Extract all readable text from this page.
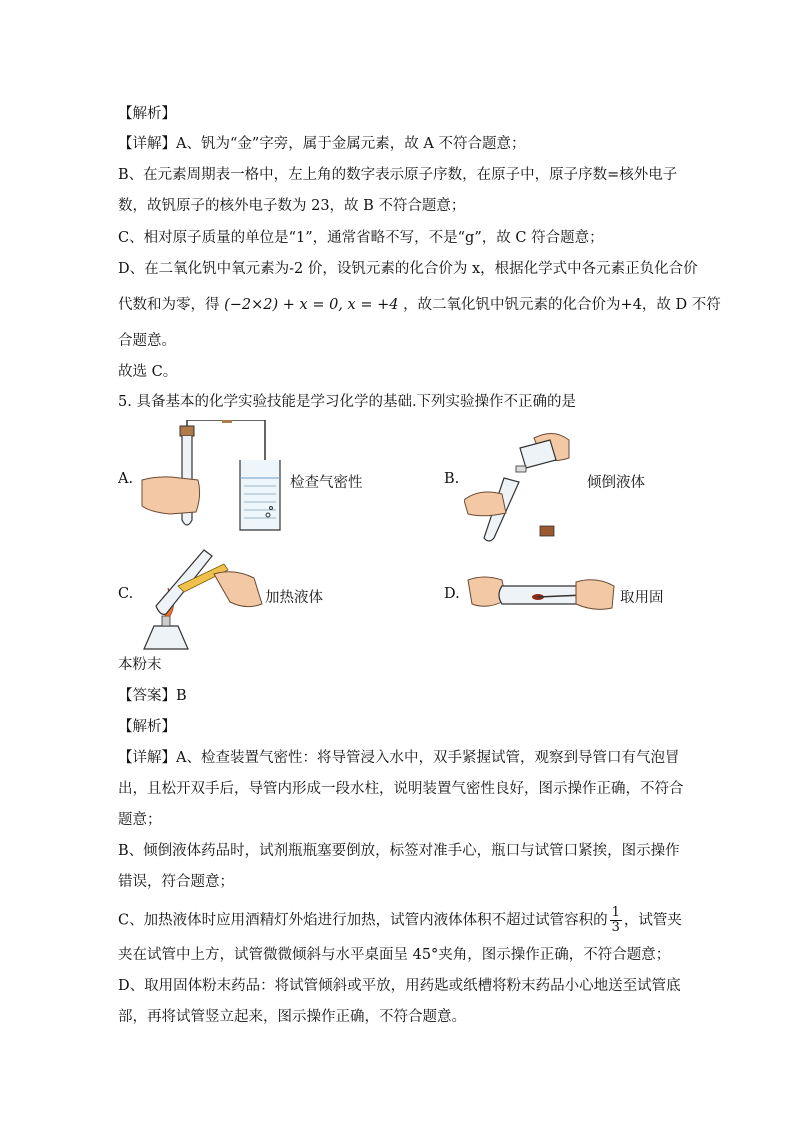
【解析】
【详解】A、钒为“金”字旁，属于金属元素，故 A 不符合题意；
B、在元素周期表一格中，左上角的数字表示原子序数，在原子中，原子序数=核外电子
数，故钒原子的核外电子数为 23，故 B 不符合题意；
C、相对原子质量的单位是“1”，通常省略不写，不是“g”，故 C 符合题意；
D、在二氧化钒中氧元素为-2 价，设钒元素的化合价为 x，根据化学式中各元素正负化合价
代数和为零，得 (−2×2) + x = 0, x = +4 ，故二氧化钒中钒元素的化合价为+4，故 D 不符
合题意。
故选 C。
5. 具备基本的化学实验技能是学习化学的基础.下列实验操作不正确的是
A.	检查气密性	B.	倾倒液体
C.	加热液体	D.	取用固
本粉末
【答案】B
【解析】
【详解】A、检查装置气密性：将导管浸入水中，双手紧握试管，观察到导管口有气泡冒
出，且松开双手后，导管内形成一段水柱，说明装置气密性良好，图示操作正确，不符合
题意；
B、倾倒液体药品时，试剂瓶瓶塞要倒放，标签对准手心，瓶口与试管口紧挨，图示操作
错误，符合题意；
C、加热液体时应用酒精灯外焰进行加热，试管内液体体积不超过试管容积的 $\frac{1}{3}$ ，试管夹
夹在试管中上方，试管微微倾斜与水平桌面呈 45°夹角，图示操作正确，不符合题意；
D、取用固体粉末药品：将试管倾斜或平放，用药匙或纸槽将粉末药品小心地送至试管底
部，再将试管竖立起来，图示操作正确，不符合题意。
